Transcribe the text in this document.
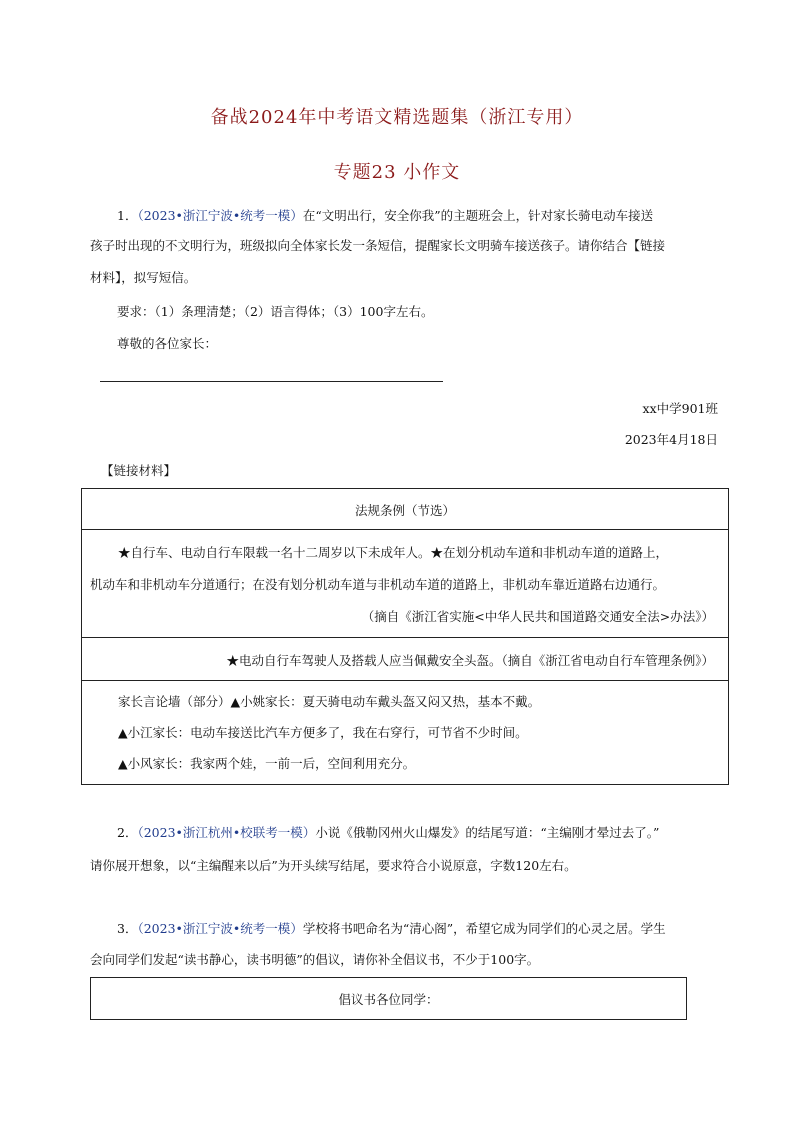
备战2024年中考语文精选题集（浙江专用）
专题23 小作文
1．（2023•浙江宁波•统考一模）在“文明出行，安全你我”的主题班会上，针对家长骑电动车接送
孩子时出现的不文明行为，班级拟向全体家长发一条短信，提醒家长文明骑车接送孩子。请你结合【链接
材料】，拟写短信。
要求：（1）条理清楚；（2）语言得体；（3）100字左右。
尊敬的各位家长：
xx中学901班
2023年4月18日
【链接材料】
法规条例（节选）
★自行车、电动自行车限载一名十二周岁以下未成年人。★在划分机动车道和非机动车道的道路上，
机动车和非机动车分道通行；在没有划分机动车道与非机动车道的道路上，非机动车靠近道路右边通行。
（摘自《浙江省实施<中华人民共和国道路交通安全法>办法》）
★电动自行车驾驶人及搭载人应当佩戴安全头盔。（摘自《浙江省电动自行车管理条例》）
家长言论墙（部分）▲小姚家长：夏天骑电动车戴头盔又闷又热，基本不戴。
▲小江家长：电动车接送比汽车方便多了，我在右穿行，可节省不少时间。
▲小风家长：我家两个娃，一前一后，空间利用充分。
2．（2023•浙江杭州•校联考一模）小说《俄勒冈州火山爆发》的结尾写道：“主编刚才晕过去了。”
请你展开想象，以“主编醒来以后”为开头续写结尾，要求符合小说原意，字数120左右。
3．（2023•浙江宁波•统考一模）学校将书吧命名为“清心阁”，希望它成为同学们的心灵之居。学生
会向同学们发起“读书静心，读书明德”的倡议，请你补全倡议书，不少于100字。
倡议书各位同学：
